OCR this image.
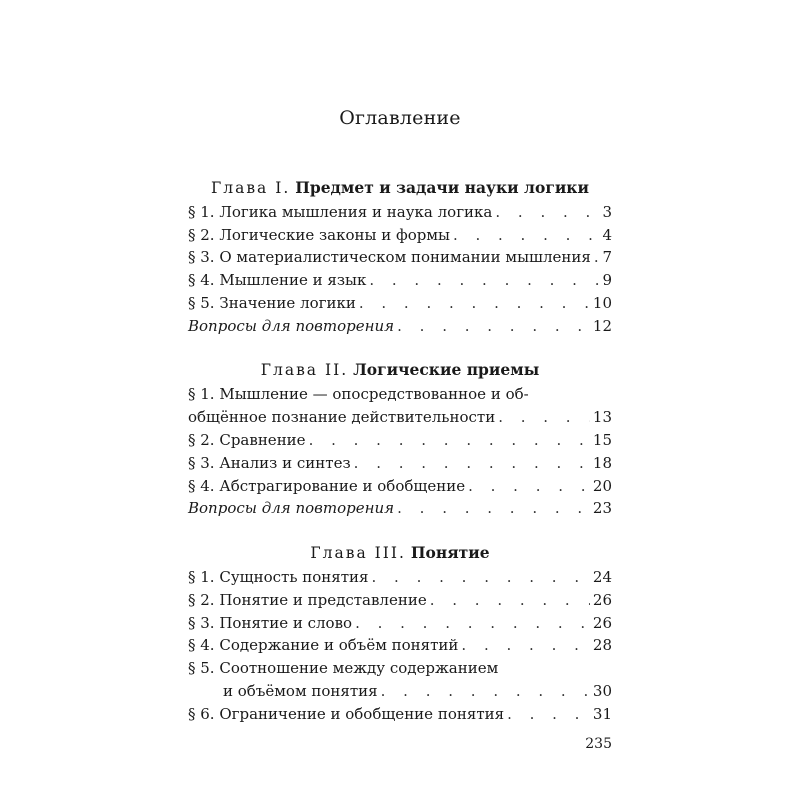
Оглавление
Глава I. Предмет и задачи науки логики
§ 1. Логика мышления и наука логика . . .	3
§ 2. Логические законы и формы . . .	4
§ 3. О материалистическом понимании мышления . . . 7
§ 4. Мышление и язык . . .	9
§ 5. Значение логики . . .	10
Вопросы для повторения . . .	12
Глава II. Логические приемы
§ 1. Мышление — опосредствованное и об-
общённое познание действительности . . .	13
§ 2. Сравнение . . .	15
§ 3. Анализ и синтез . . .	18
§ 4. Абстрагирование и обобщение . . .	20
Вопросы для повторения . . .	23
Глава III. Понятие
§ 1. Сущность понятия . . .	24
§ 2. Понятие и представление . . .	26
§ 3. Понятие и слово . . .	26
§ 4. Содержание и объём понятий . . .	28
§ 5. Соотношение между содержанием
и объёмом понятия . . .	30
§ 6. Ограничение и обобщение понятия . . .	31
235
